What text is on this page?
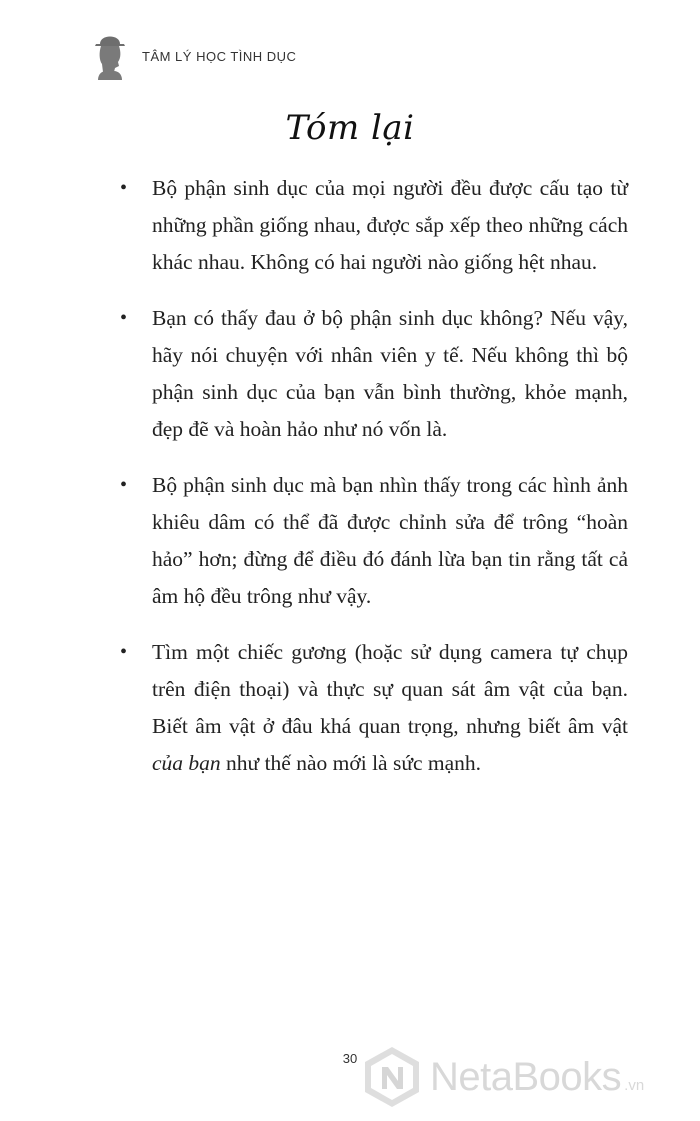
TÂM LÝ HỌC TÌNH DỤC
Tóm lại
• Bộ phận sinh dục của mọi người đều được cấu tạo từ những phần giống nhau, được sắp xếp theo những cách khác nhau. Không có hai người nào giống hệt nhau.
• Bạn có thấy đau ở bộ phận sinh dục không? Nếu vậy, hãy nói chuyện với nhân viên y tế. Nếu không thì bộ phận sinh dục của bạn vẫn bình thường, khỏe mạnh, đẹp đẽ và hoàn hảo như nó vốn là.
• Bộ phận sinh dục mà bạn nhìn thấy trong các hình ảnh khiêu dâm có thể đã được chỉnh sửa để trông “hoàn hảo” hơn; đừng để điều đó đánh lừa bạn tin rằng tất cả âm hộ đều trông như vậy.
• Tìm một chiếc gương (hoặc sử dụng camera tự chụp trên điện thoại) và thực sự quan sát âm vật của bạn. Biết âm vật ở đâu khá quan trọng, nhưng biết âm vật của bạn như thế nào mới là sức mạnh.
30	NetaBooks .vn
